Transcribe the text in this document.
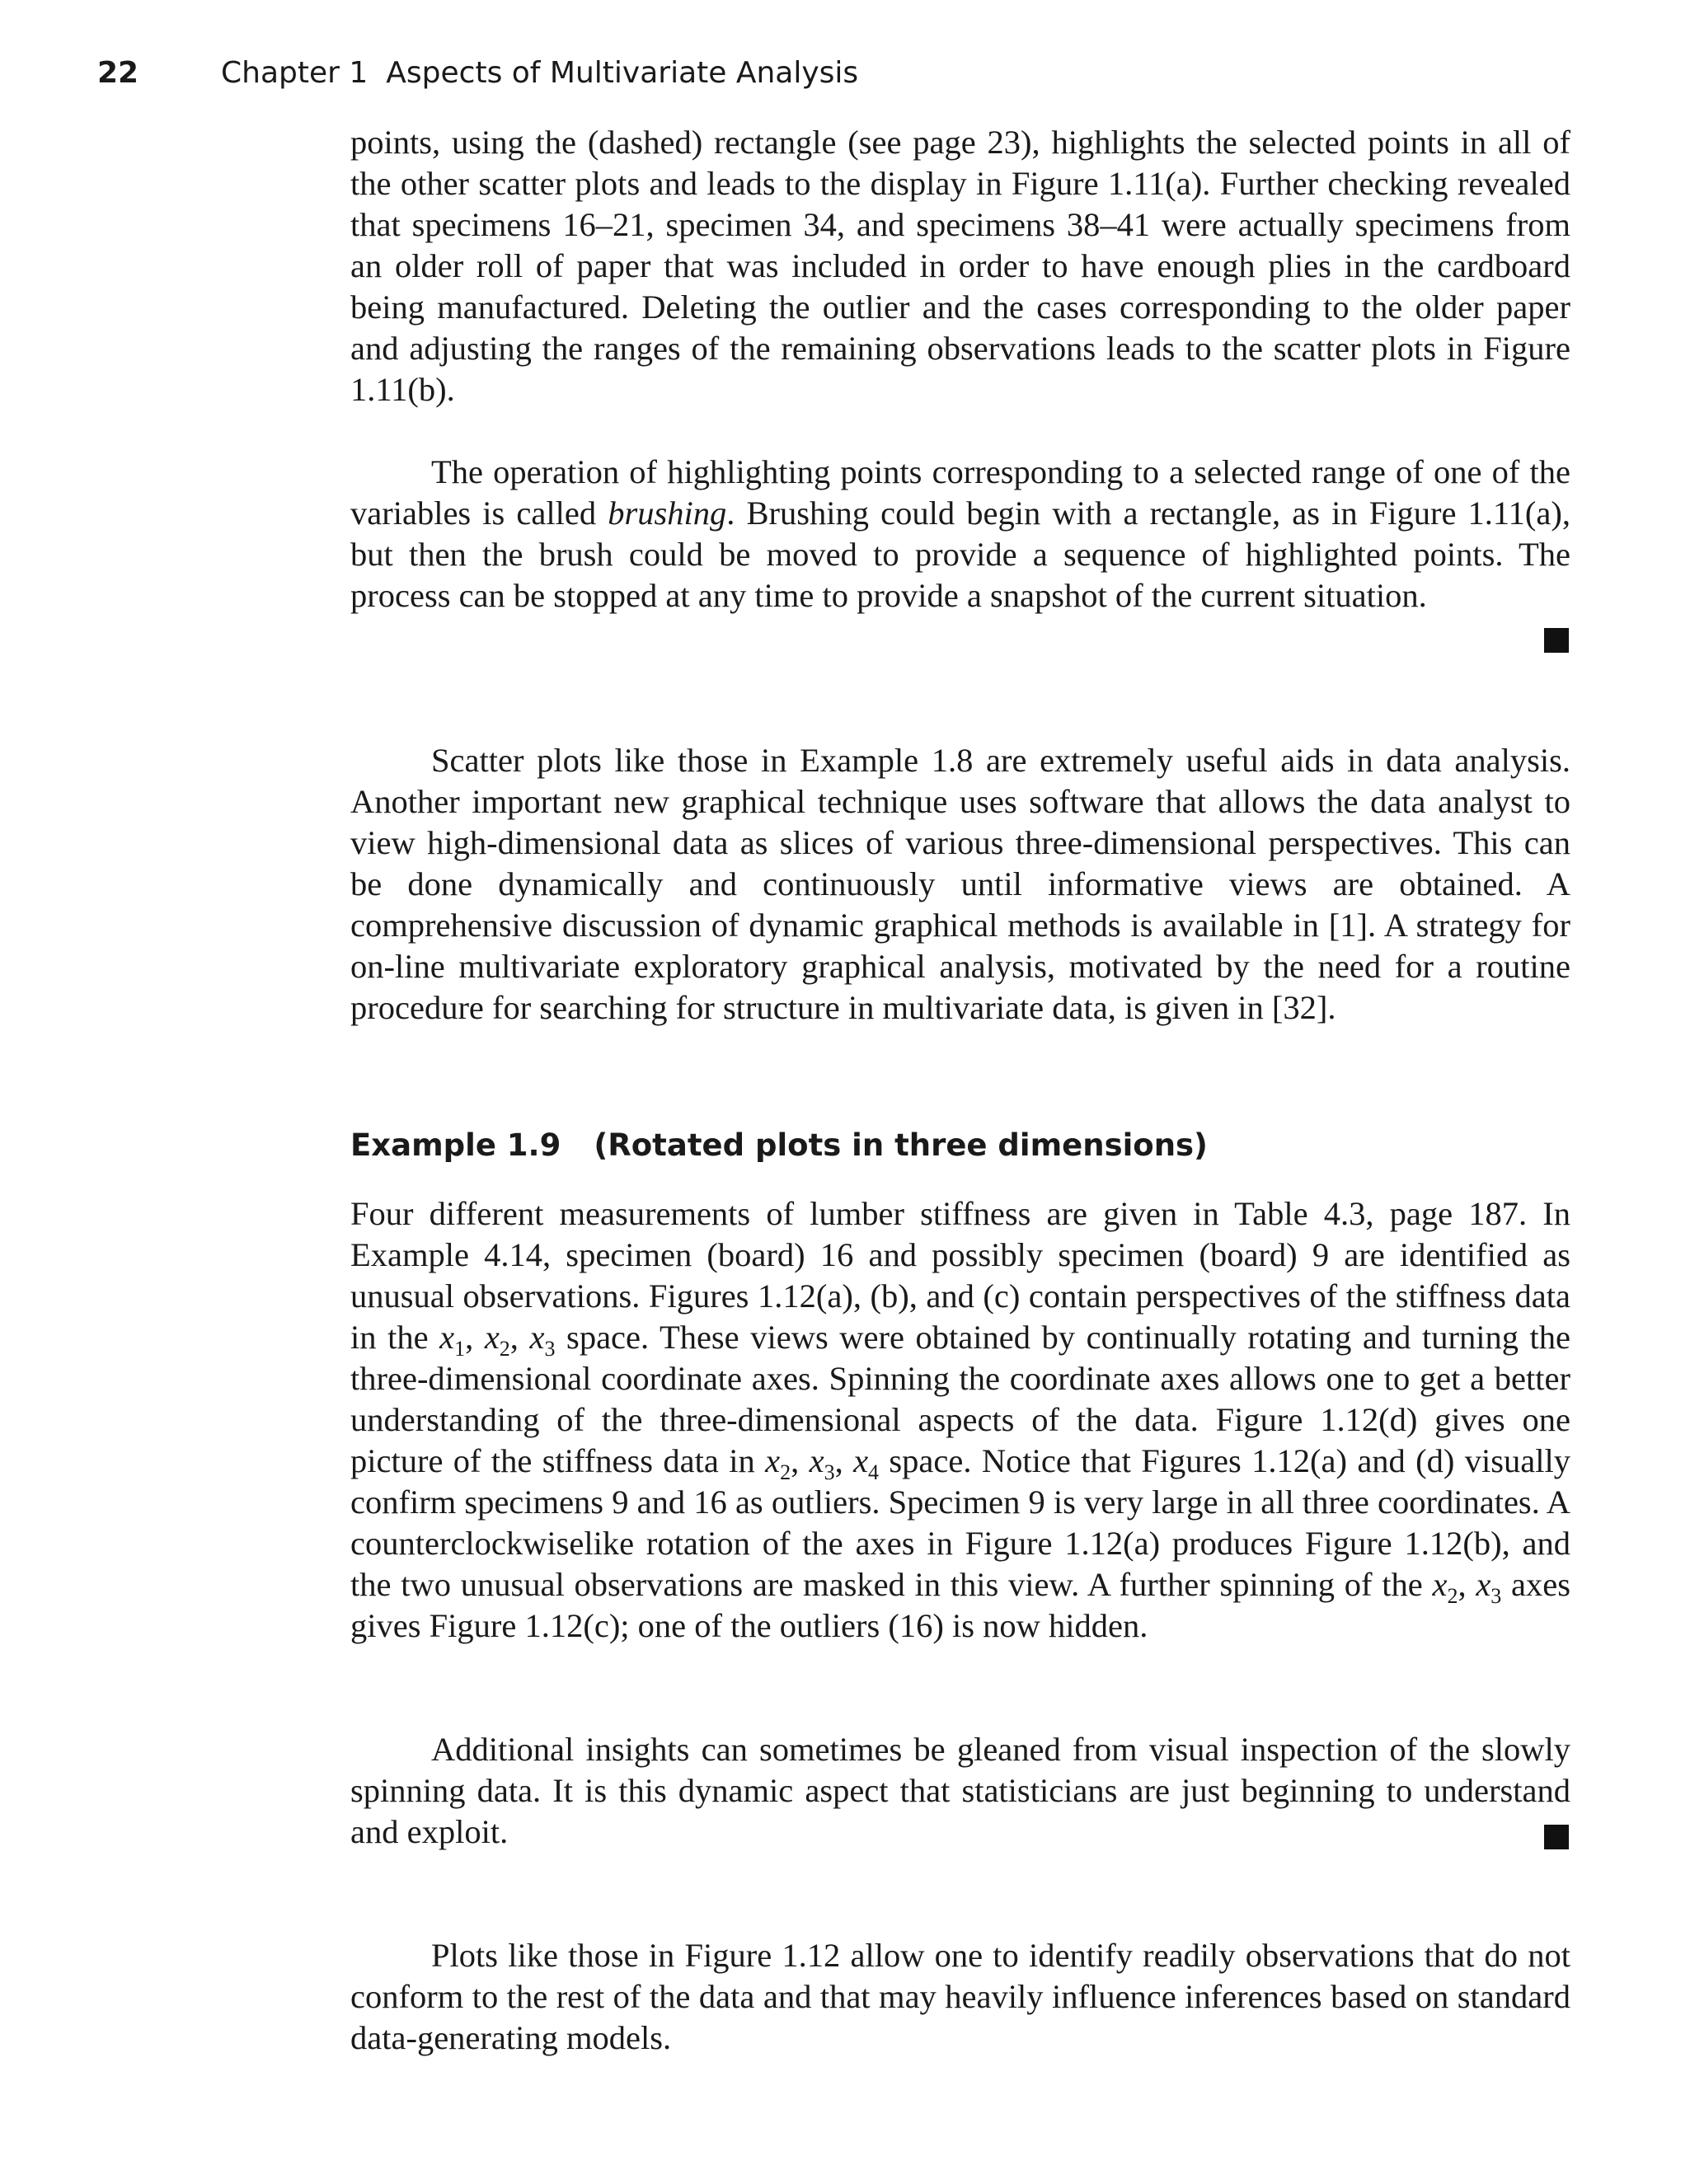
22	Chapter 1 Aspects of Multivariate Analysis

points, using the (dashed) rectangle (see page 23), highlights the selected points in all of the other scatter plots and leads to the display in Figure 1.11(a). Further checking revealed that specimens 16–21, specimen 34, and specimens 38–41 were actually specimens from an older roll of paper that was included in order to have enough plies in the cardboard being manufactured. Deleting the outlier and the cases corresponding to the older paper and adjusting the ranges of the remaining observations leads to the scatter plots in Figure 1.11(b).

The operation of highlighting points corresponding to a selected range of one of the variables is called brushing. Brushing could begin with a rectangle, as in Figure 1.11(a), but then the brush could be moved to provide a sequence of highlighted points. The process can be stopped at any time to provide a snapshot of the current situation.

Scatter plots like those in Example 1.8 are extremely useful aids in data analysis. Another important new graphical technique uses software that allows the data analyst to view high-dimensional data as slices of various three-dimensional perspectives. This can be done dynamically and continuously until informative views are obtained. A comprehensive discussion of dynamic graphical methods is available in [1]. A strategy for on-line multivariate exploratory graphical analysis, motivated by the need for a routine procedure for searching for structure in multivariate data, is given in [32].

Example 1.9 (Rotated plots in three dimensions)

Four different measurements of lumber stiffness are given in Table 4.3, page 187. In Example 4.14, specimen (board) 16 and possibly specimen (board) 9 are identified as unusual observations. Figures 1.12(a), (b), and (c) contain perspectives of the stiffness data in the $x_1$, $x_2$, $x_3$ space. These views were obtained by continually rotating and turning the three-dimensional coordinate axes. Spinning the coordinate axes allows one to get a better understanding of the three-dimensional aspects of the data. Figure 1.12(d) gives one picture of the stiffness data in $x_2$, $x_3$, $x_4$ space. Notice that Figures 1.12(a) and (d) visually confirm specimens 9 and 16 as outliers. Specimen 9 is very large in all three coordinates. A counterclockwiselike rotation of the axes in Figure 1.12(a) produces Figure 1.12(b), and the two unusual observations are masked in this view. A further spinning of the $x_2$, $x_3$ axes gives Figure 1.12(c); one of the outliers (16) is now hidden.

Additional insights can sometimes be gleaned from visual inspection of the slowly spinning data. It is this dynamic aspect that statisticians are just beginning to understand and exploit.

Plots like those in Figure 1.12 allow one to identify readily observations that do not conform to the rest of the data and that may heavily influence inferences based on standard data-generating models.
